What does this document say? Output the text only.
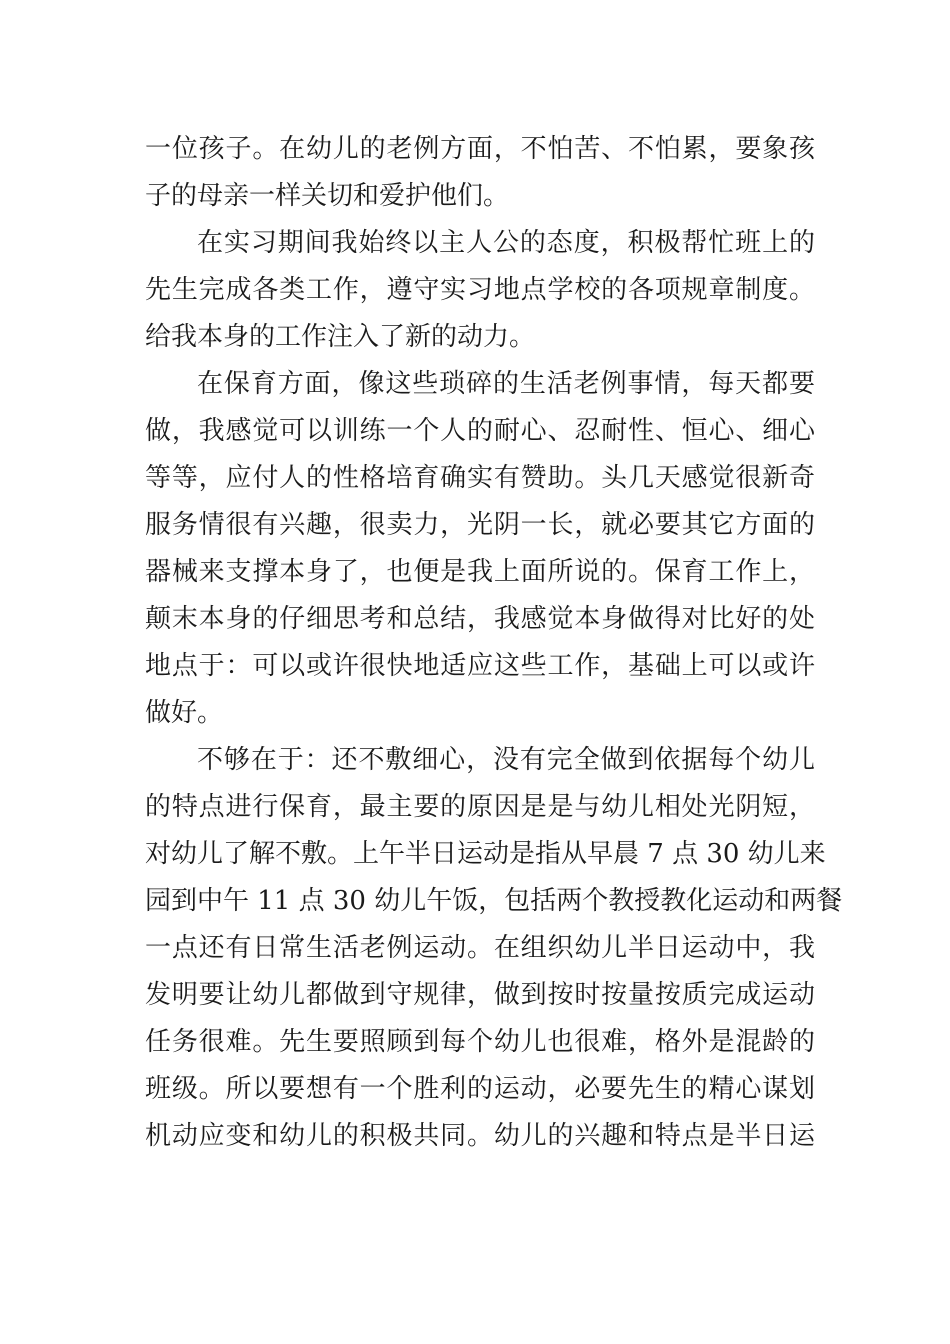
一位孩子。在幼儿的老例方面，不怕苦、不怕累，要象孩
子的母亲一样关切和爱护他们。
在实习期间我始终以主人公的态度，积极帮忙班上的
先生完成各类工作，遵守实习地点学校的各项规章制度。
给我本身的工作注入了新的动力。
在保育方面，像这些琐碎的生活老例事情，每天都要
做，我感觉可以训练一个人的耐心、忍耐性、恒心、细心
等等，应付人的性格培育确实有赞助。头几天感觉很新奇
服务情很有兴趣，很卖力，光阴一长，就必要其它方面的
器械来支撑本身了，也便是我上面所说的。保育工作上，
颠末本身的仔细思考和总结，我感觉本身做得对比好的处
地点于：可以或许很快地适应这些工作，基础上可以或许
做好。
不够在于：还不敷细心，没有完全做到依据每个幼儿
的特点进行保育，最主要的原因是是与幼儿相处光阴短，
对幼儿了解不敷。上午半日运动是指从早晨 7 点 30 幼儿来
园到中午 11 点 30 幼儿午饭，包括两个教授教化运动和两餐
一点还有日常生活老例运动。在组织幼儿半日运动中，我
发明要让幼儿都做到守规律，做到按时按量按质完成运动
任务很难。先生要照顾到每个幼儿也很难，格外是混龄的
班级。所以要想有一个胜利的运动，必要先生的精心谋划
机动应变和幼儿的积极共同。幼儿的兴趣和特点是半日运
